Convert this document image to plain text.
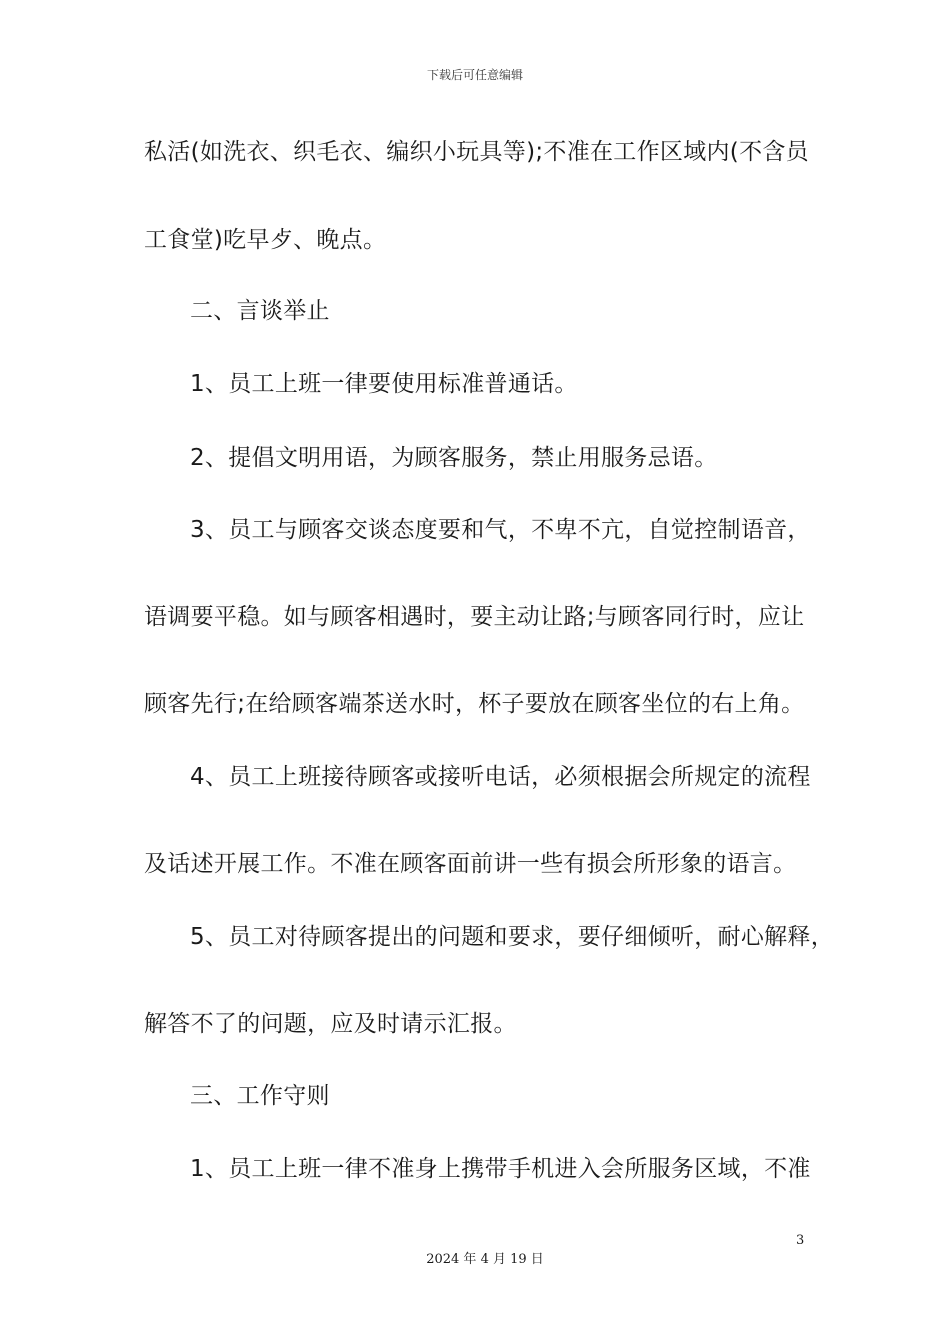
下载后可任意编辑
私活(如洗衣、织毛衣、编织小玩具等);不准在工作区域内(不含员
工食堂)吃早歺、晚点。
二、言谈举止
1、员工上班一律要使用标准普通话。
2、提倡文明用语，为顾客服务，禁止用服务忌语。
3、员工与顾客交谈态度要和气，不卑不亢，自觉控制语音，
语调要平稳。如与顾客相遇时，要主动让路;与顾客同行时，应让
顾客先行;在给顾客端茶送水时，杯子要放在顾客坐位的右上角。
4、员工上班接待顾客或接听电话，必须根据会所规定的流程
及话述开展工作。不准在顾客面前讲一些有损会所形象的语言。
5、员工对待顾客提出的问题和要求，要仔细倾听，耐心解释，
解答不了的问题，应及时请示汇报。
三、工作守则
1、员工上班一律不准身上携带手机进入会所服务区域，不准
3
2024 年 4 月 19 日
